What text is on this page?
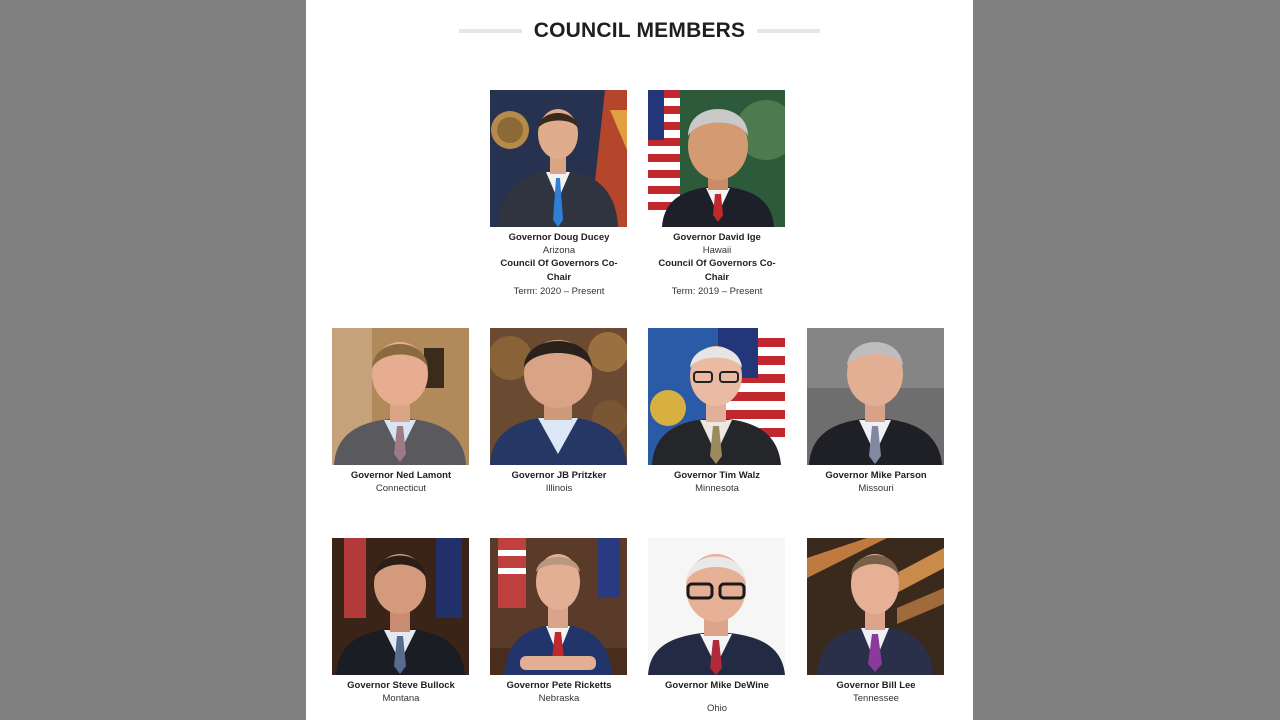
COUNCIL MEMBERS
Governor Doug Ducey
Arizona
Council Of Governors Co-Chair
Term: 2020 – Present
Governor David Ige
Hawaii
Council Of Governors Co-Chair
Term: 2019 – Present
Governor Ned Lamont
Connecticut
Governor JB Pritzker
Illinois
Governor Tim Walz
Minnesota
Governor Mike Parson
Missouri
Governor Steve Bullock
Montana
Governor Pete Ricketts
Nebraska
Governor Mike DeWine
Ohio
Governor Bill Lee
Tennessee
